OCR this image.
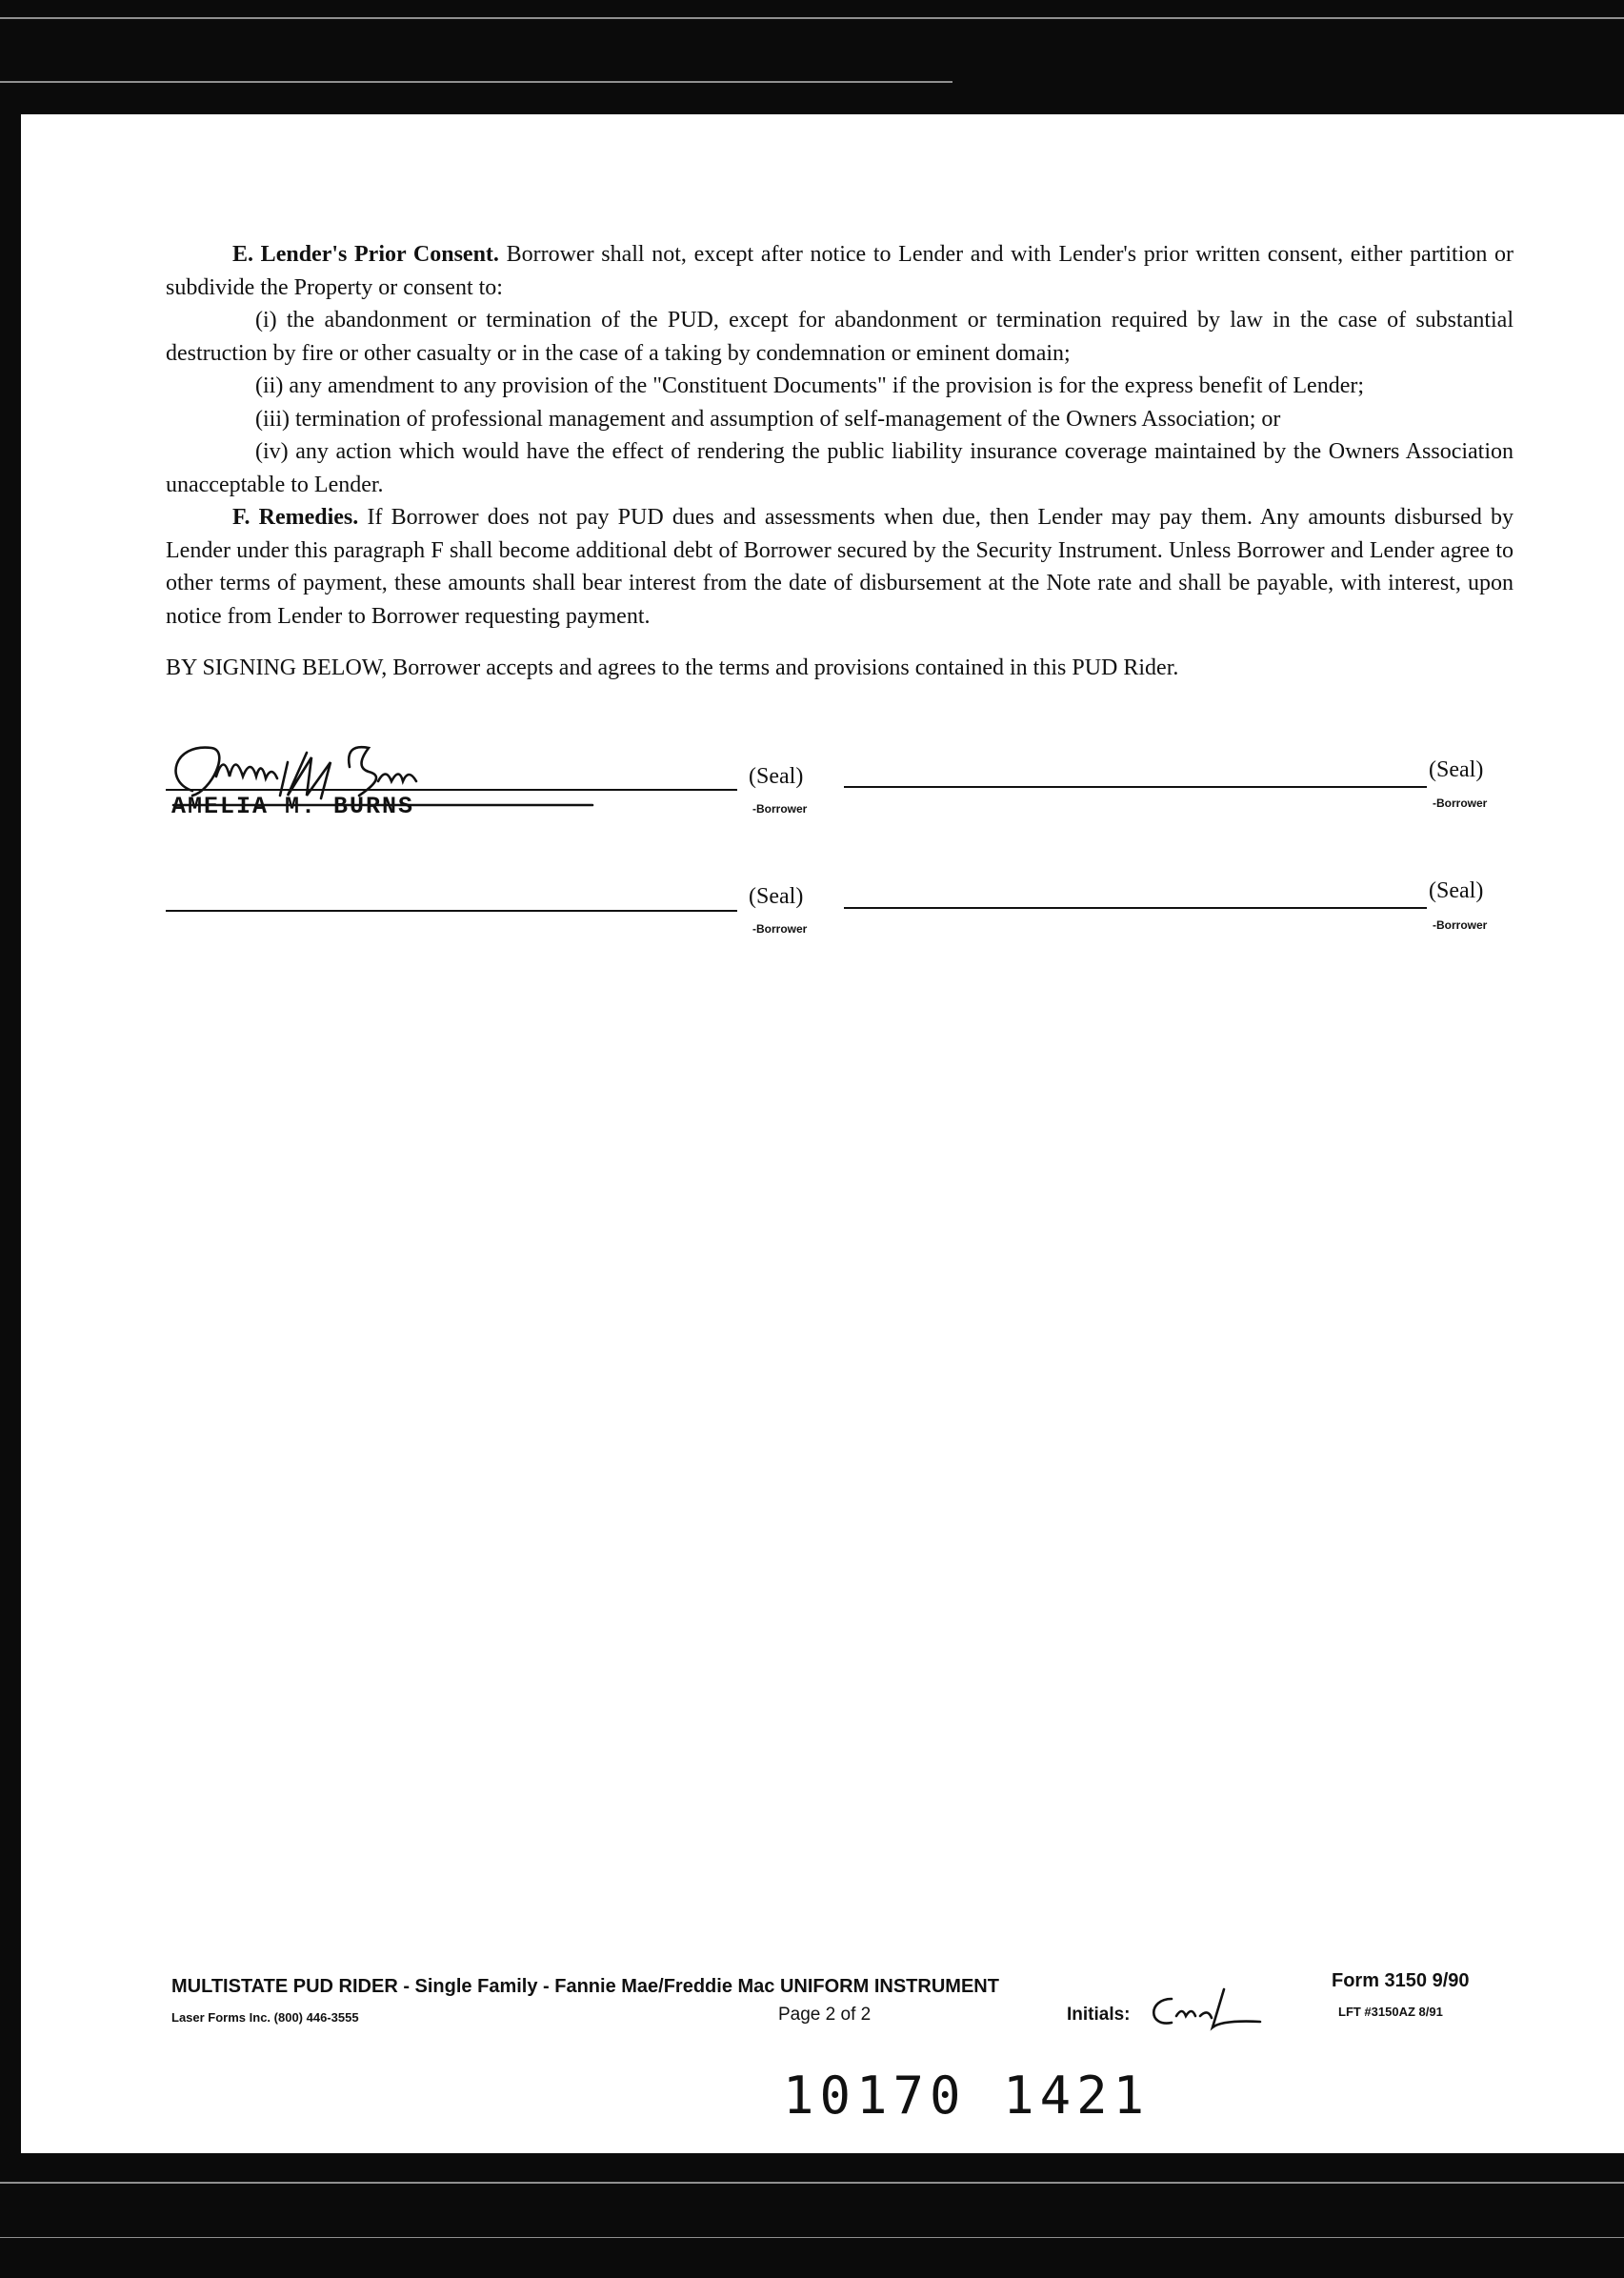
E. Lender's Prior Consent. Borrower shall not, except after notice to Lender and with Lender's prior written consent, either partition or subdivide the Property or consent to:

(i) the abandonment or termination of the PUD, except for abandonment or termination required by law in the case of substantial destruction by fire or other casualty or in the case of a taking by condemnation or eminent domain;

(ii) any amendment to any provision of the "Constituent Documents" if the provision is for the express benefit of Lender;

(iii) termination of professional management and assumption of self-management of the Owners Association; or

(iv) any action which would have the effect of rendering the public liability insurance coverage maintained by the Owners Association unacceptable to Lender.

F. Remedies. If Borrower does not pay PUD dues and assessments when due, then Lender may pay them. Any amounts disbursed by Lender under this paragraph F shall become additional debt of Borrower secured by the Security Instrument. Unless Borrower and Lender agree to other terms of payment, these amounts shall bear interest from the date of disbursement at the Note rate and shall be payable, with interest, upon notice from Lender to Borrower requesting payment.

BY SIGNING BELOW, Borrower accepts and agrees to the terms and provisions contained in this PUD Rider.

AMELIA M. BURNS
(Seal)
-Borrower
(Seal)
-Borrower
(Seal)
-Borrower
(Seal)
-Borrower
MULTISTATE PUD RIDER - Single Family - Fannie Mae/Freddie Mac UNIFORM INSTRUMENT
Laser Forms Inc. (800) 446-3555	Page 2 of 2	Initials:
Form 3150 9/90
LFT #3150AZ 8/91
10170 1421
